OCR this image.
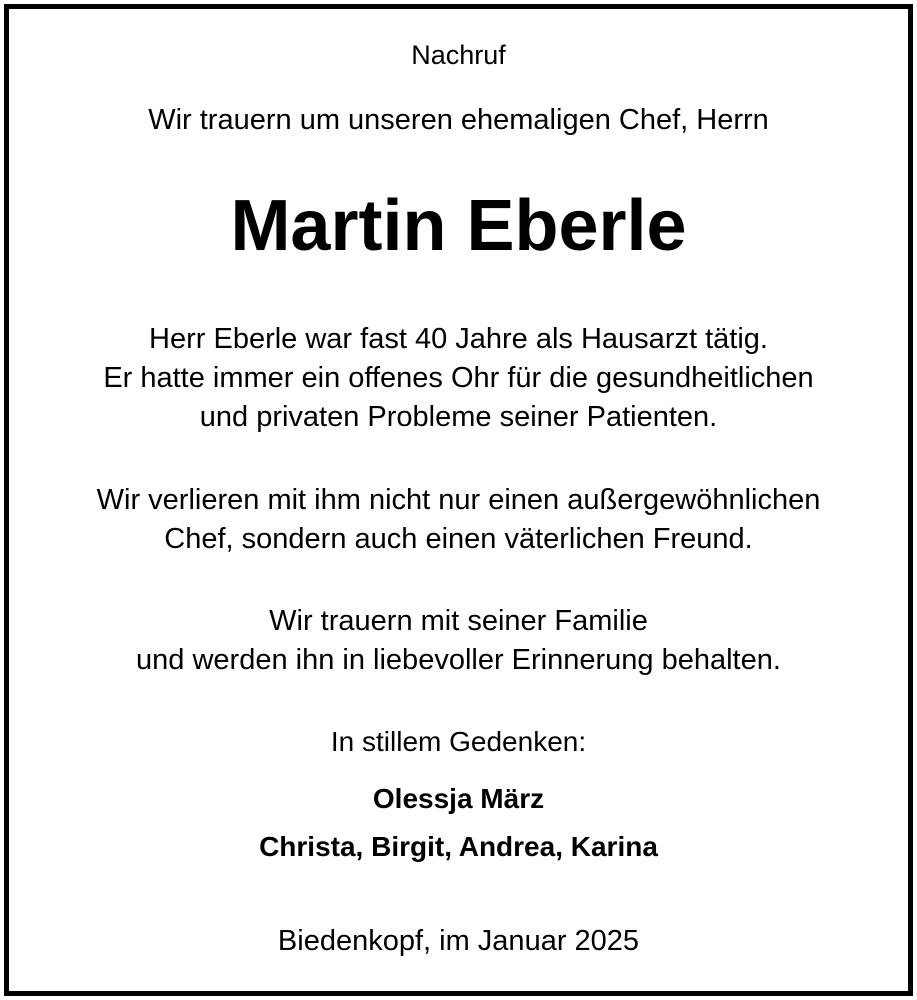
Nachruf
Wir trauern um unseren ehemaligen Chef, Herrn
Martin Eberle
Herr Eberle war fast 40 Jahre als Hausarzt tätig.
Er hatte immer ein offenes Ohr für die gesundheitlichen
und privaten Probleme seiner Patienten.
Wir verlieren mit ihm nicht nur einen außergewöhnlichen
Chef, sondern auch einen väterlichen Freund.
Wir trauern mit seiner Familie
und werden ihn in liebevoller Erinnerung behalten.
In stillem Gedenken:
Olessja März
Christa, Birgit, Andrea, Karina
Biedenkopf, im Januar 2025
